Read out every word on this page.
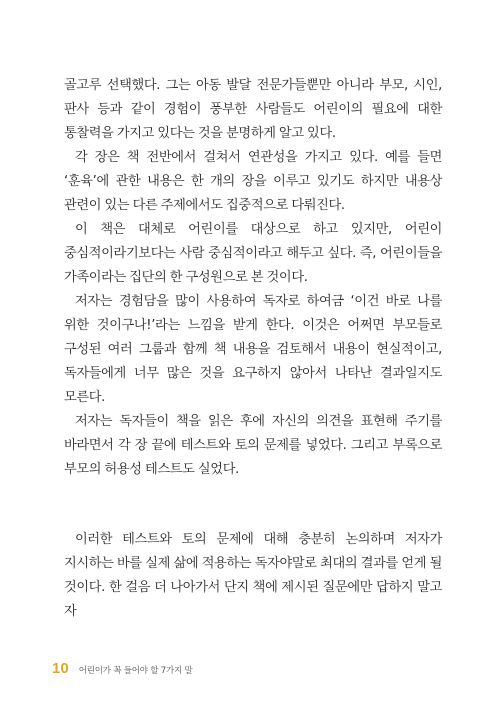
골고루 선택했다. 그는 아동 발달 전문가들뿐만 아니라 부모, 시인, 판사 등과 같이 경험이 풍부한 사람들도 어린이의 필요에 대한 통찰력을 가지고 있다는 것을 분명하게 알고 있다.

각 장은 책 전반에서 걸쳐서 연관성을 가지고 있다. 예를 들면 ‘훈육’에 관한 내용은 한 개의 장을 이루고 있기도 하지만 내용상 관련이 있는 다른 주제에서도 집중적으로 다뤄진다.

이 책은 대체로 어린이를 대상으로 하고 있지만, 어린이 중심적이라기보다는 사람 중심적이라고 해두고 싶다. 즉, 어린이들을 가족이라는 집단의 한 구성원으로 본 것이다.

저자는 경험담을 많이 사용하여 독자로 하여금 ‘이건 바로 나를 위한 것이구나!’라는 느낌을 받게 한다. 이것은 어쩌면 부모들로 구성된 여러 그룹과 함께 책 내용을 검토해서 내용이 현실적이고, 독자들에게 너무 많은 것을 요구하지 않아서 나타난 결과일지도 모른다.

저자는 독자들이 책을 읽은 후에 자신의 의견을 표현해 주기를 바라면서 각 장 끝에 테스트와 토의 문제를 넣었다. 그리고 부록으로 부모의 허용성 테스트도 실었다.

이러한 테스트와 토의 문제에 대해 충분히 논의하며 저자가 지시하는 바를 실제 삶에 적용하는 독자야말로 최대의 결과를 얻게 될 것이다. 한 걸음 더 나아가서 단지 책에 제시된 질문에만 답하지 말고 자

10 어린이가 꼭 들어야 할 7가지 말
